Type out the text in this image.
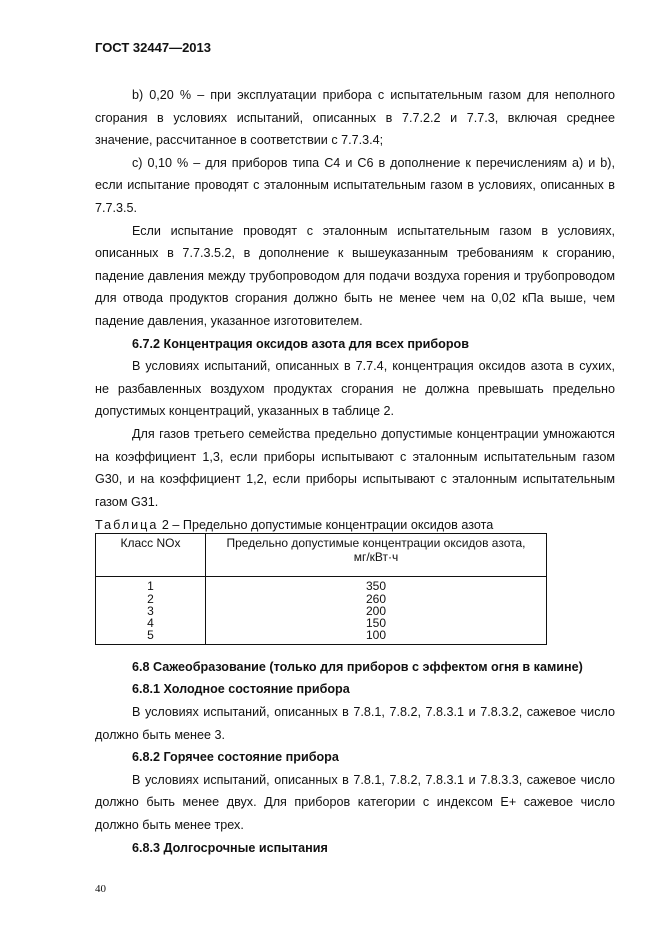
ГОСТ 32447—2013

b) 0,20 % – при эксплуатации прибора с испытательным газом для неполного сгорания в условиях испытаний, описанных в 7.7.2.2 и 7.7.3, включая среднее значение, рассчитанное в соответствии с 7.7.3.4;

c) 0,10 % – для приборов типа C4 и C6 в дополнение к перечислениям а) и b), если испытание проводят с эталонным испытательным газом в условиях, описанных в 7.7.3.5.

Если испытание проводят с эталонным испытательным газом в условиях, описанных в 7.7.3.5.2, в дополнение к вышеуказанным требованиям к сгоранию, падение давления между трубопроводом для подачи воздуха горения и трубопроводом для отвода продуктов сгорания должно быть не менее чем на 0,02 кПа выше, чем падение давления, указанное изготовителем.

6.7.2 Концентрация оксидов азота для всех приборов

В условиях испытаний, описанных в 7.7.4, концентрация оксидов азота в сухих, не разбавленных воздухом продуктах сгорания не должна превышать предельно допустимых концентраций, указанных в таблице 2.

Для газов третьего семейства предельно допустимые концентрации умножаются на коэффициент 1,3, если приборы испытывают с эталонным испытательным газом G30, и на коэффициент 1,2, если приборы испытывают с эталонным испытательным газом G31.

Таблица 2 – Предельно допустимые концентрации оксидов азота
Класс NOx	Предельно допустимые концентрации оксидов азота,
мг/кВт·ч
1	350
2	260
3	200
4	150
5	100

6.8 Сажеобразование (только для приборов с эффектом огня в камине)

6.8.1 Холодное состояние прибора

В условиях испытаний, описанных в 7.8.1, 7.8.2, 7.8.3.1 и 7.8.3.2, сажевое число должно быть менее 3.

6.8.2 Горячее состояние прибора

В условиях испытаний, описанных в 7.8.1, 7.8.2, 7.8.3.1 и 7.8.3.3, сажевое число должно быть менее двух. Для приборов категории с индексом Е+ сажевое число должно быть менее трех.

6.8.3 Долгосрочные испытания

40
